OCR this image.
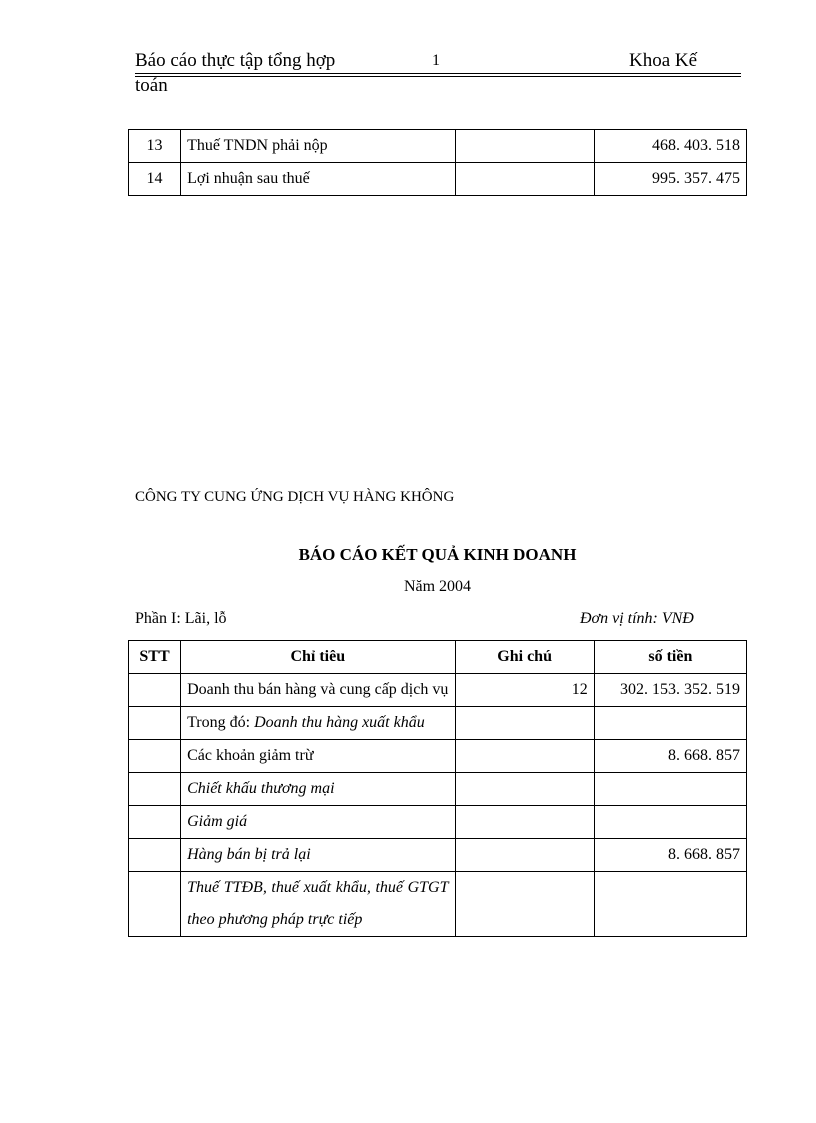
Báo cáo thực tập tổng hợp	1	Khoa Kế
toán
13	Thuế TNDN phải nộp		468. 403. 518
14	Lợi nhuận sau thuế		995. 357. 475
CÔNG TY CUNG ỨNG DỊCH VỤ HÀNG KHÔNG
BÁO CÁO KẾT QUẢ KINH DOANH
Năm 2004
Phần I: Lãi, lỗ	Đơn vị tính: VNĐ
STT	Chỉ tiêu	Ghi chú	số tiền
	Doanh thu bán hàng và cung cấp dịch vụ	12	302. 153. 352. 519
	Trong đó: Doanh thu hàng xuất khẩu		
	Các khoản giảm trừ		8. 668. 857
	Chiết khấu thương mại		
	Giảm giá		
	Hàng bán bị trả lại		8. 668. 857
	Thuế TTĐB, thuế xuất khẩu, thuế GTGT theo phương pháp trực tiếp		
